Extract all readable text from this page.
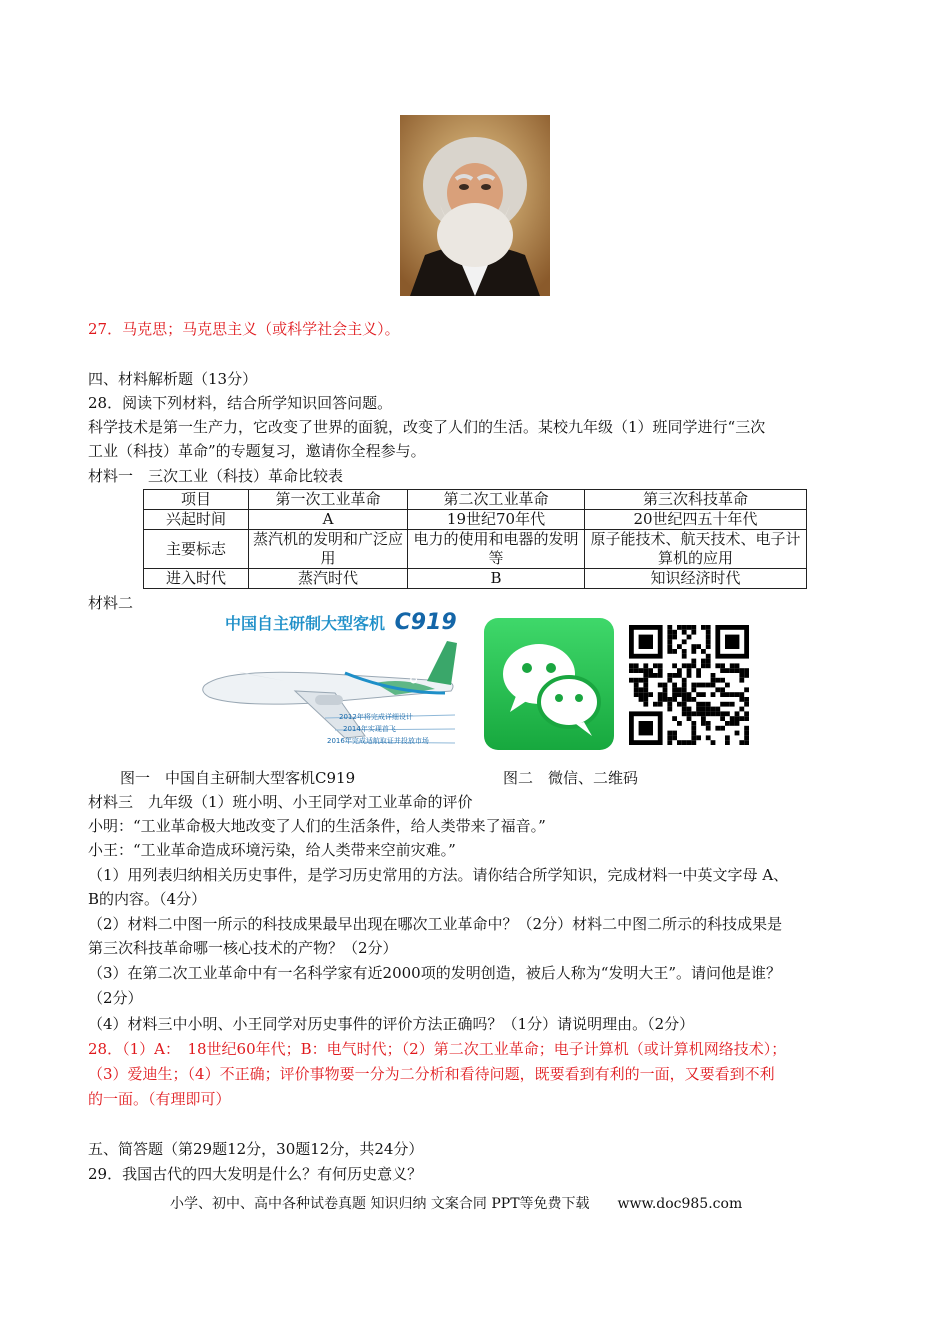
27．马克思；马克思主义（或科学社会主义）。
四、材料解析题（13分）
28．阅读下列材料，结合所学知识回答问题。
科学技术是第一生产力，它改变了世界的面貌，改变了人们的生活。某校九年级（1）班同学进行“三次
工业（科技）革命”的专题复习，邀请你全程参与。
材料一　三次工业（科技）革命比较表
项目	第一次工业革命	第二次工业革命	第三次科技革命
兴起时间	A	19世纪70年代	20世纪四五十年代
主要标志	蒸汽机的发明和广泛应用	电力的使用和电器的发明等	原子能技术、航天技术、电子计算机的应用
进入时代	蒸汽时代	B	知识经济时代
材料二
中国自主研制大型客机 C919
C919
2012年将完成详细设计
2014年实现首飞
2016年完成适航取证并投放市场
图一　中国自主研制大型客机C919	图二　微信、二维码
材料三　九年级（1）班小明、小王同学对工业革命的评价
小明：“工业革命极大地改变了人们的生活条件，给人类带来了福音。”
小王：“工业革命造成环境污染，给人类带来空前灾难。”
（1）用列表归纳相关历史事件，是学习历史常用的方法。请你结合所学知识，完成材料一中英文字母 A、
B的内容。（4分）
（2）材料二中图一所示的科技成果最早出现在哪次工业革命中？（2分）材料二中图二所示的科技成果是
第三次科技革命哪一核心技术的产物？（2分）
（3）在第二次工业革命中有一名科学家有近2000项的发明创造，被后人称为“发明大王”。请问他是谁？
（2分）
（4）材料三中小明、小王同学对历史事件的评价方法正确吗？（1分）请说明理由。（2分）
28．（1）A：　18世纪60年代；B：电气时代；（2）第二次工业革命；电子计算机（或计算机网络技术）；
（3）爱迪生；（4）不正确；评价事物要一分为二分析和看待问题，既要看到有利的一面，又要看到不利
的一面。（有理即可）
五、简答题（第29题12分，30题12分，共24分）
29．我国古代的四大发明是什么？有何历史意义？
小学、初中、高中各种试卷真题 知识归纳 文案合同 PPT等免费下载　　www.doc985.com
